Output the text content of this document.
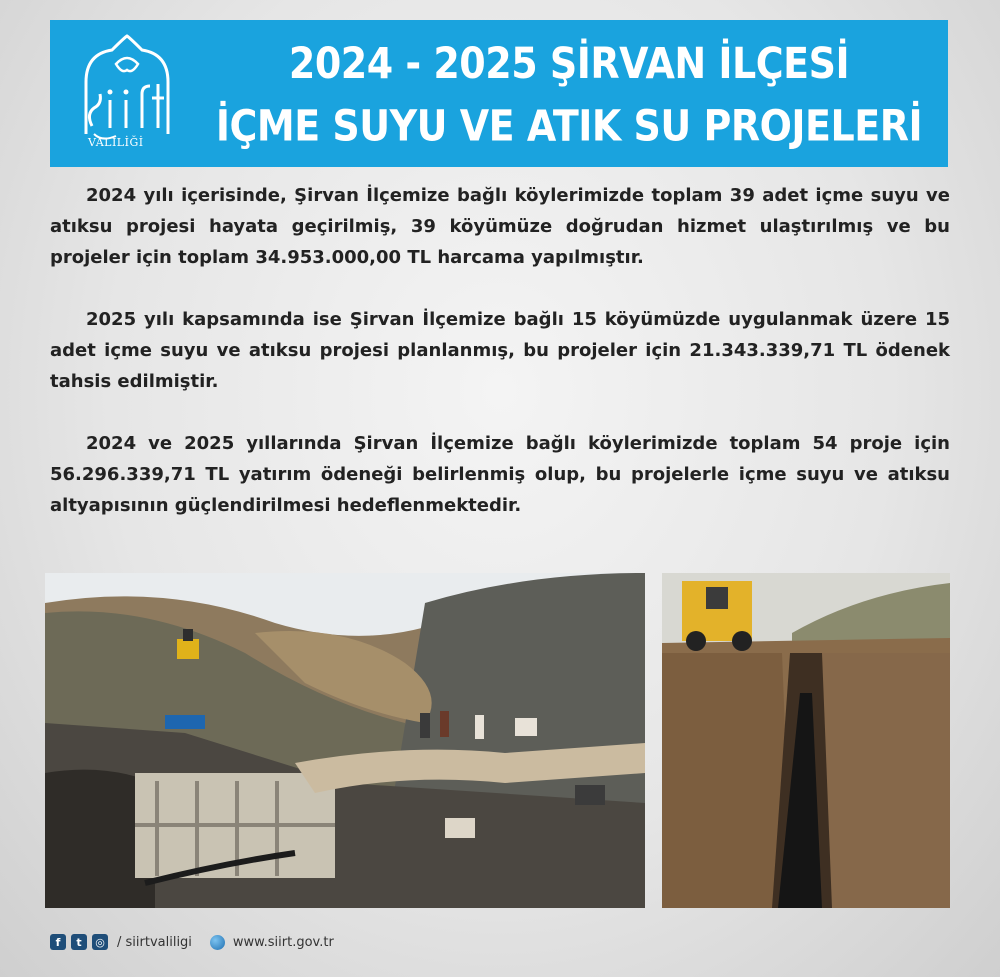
VALİLİĞİ
2024 - 2025 ŞİRVAN İLÇESİ
İÇME SUYU VE ATIK SU PROJELERİ

2024 yılı içerisinde, Şirvan İlçemize bağlı köylerimizde toplam 39 adet içme suyu ve atıksu projesi hayata geçirilmiş, 39 köyümüze doğrudan hizmet ulaştırılmış ve bu projeler için toplam 34.953.000,00 TL harcama yapılmıştır.

2025 yılı kapsamında ise Şirvan İlçemize bağlı 15 köyümüzde uygulanmak üzere 15 adet içme suyu ve atıksu projesi planlanmış, bu projeler için 21.343.339,71 TL ödenek tahsis edilmiştir.

2024 ve 2025 yıllarında Şirvan İlçemize bağlı köylerimizde toplam 54 proje için 56.296.339,71 TL yatırım ödeneği belirlenmiş olup, bu projelerle içme suyu ve atıksu altyapısının güçlendirilmesi hedeflenmektedir.

f	t	◎ / siirtvaliligi	www.siirt.gov.tr
